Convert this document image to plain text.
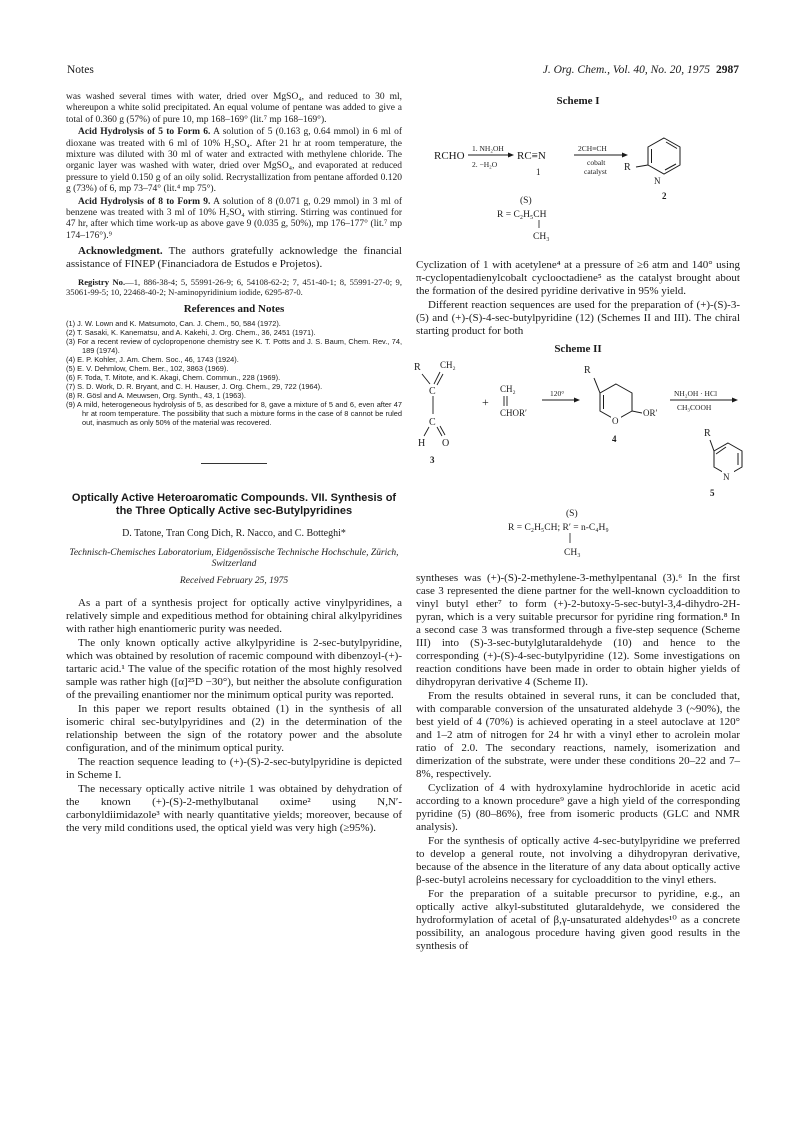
Notes	J. Org. Chem., Vol. 40, No. 20, 1975 2987

was washed several times with water, dried over MgSO₄, and reduced to 30 ml, whereupon a white solid precipitated. An equal volume of pentane was added to give a total of 0.360 g (57%) of pure 10, mp 168–169° (lit.⁷ mp 168–169°).

Acid Hydrolysis of 5 to Form 6. A solution of 5 (0.163 g, 0.64 mmol) in 6 ml of dioxane was treated with 6 ml of 10% H₂SO₄. After 21 hr at room temperature, the mixture was diluted with 30 ml of water and extracted with methylene chloride. The organic layer was washed with water, dried over MgSO₄, and evaporated at reduced pressure to yield 0.150 g of an oily solid. Recrystallization from pentane afforded 0.120 g (73%) of 6, mp 73–74° (lit.⁴ mp 75°).

Acid Hydrolysis of 8 to Form 9. A solution of 8 (0.071 g, 0.29 mmol) in 3 ml of benzene was treated with 3 ml of 10% H₂SO₄ with stirring. Stirring was continued for 47 hr, after which time work-up as above gave 9 (0.035 g, 50%), mp 176–177° (lit.⁷ mp 174–176°).⁹

Acknowledgment. The authors gratefully acknowledge the financial assistance of FINEP (Financiadora de Estudos e Projetos).

Registry No.—1, 886-38-4; 5, 55991-26-9; 6, 54108-62-2; 7, 451-40-1; 8, 55991-27-0; 9, 35061-99-5; 10, 22468-40-2; N-aminopyridinium iodide, 6295-87-0.

References and Notes

(1) J. W. Lown and K. Matsumoto, Can. J. Chem., 50, 584 (1972).

(2) T. Sasaki, K. Kanematsu, and A. Kakehi, J. Org. Chem., 36, 2451 (1971).

(3) For a recent review of cyclopropenone chemistry see K. T. Potts and J. S. Baum, Chem. Rev., 74, 189 (1974).

(4) E. P. Kohler, J. Am. Chem. Soc., 46, 1743 (1924).

(5) E. V. Dehmlow, Chem. Ber., 102, 3863 (1969).

(6) F. Toda, T. Mitote, and K. Akagi, Chem. Commun., 228 (1969).

(7) S. D. Work, D. R. Bryant, and C. H. Hauser, J. Org. Chem., 29, 722 (1964).

(8) R. Gösl and A. Meuwsen, Org. Synth., 43, 1 (1963).

(9) A mild, heterogeneous hydrolysis of 5, as described for 8, gave a mixture of 5 and 6, even after 47 hr at room temperature. The possibility that such a mixture forms in the case of 8 cannot be ruled out, inasmuch as only 50% of the material was recovered.

Optically Active Heteroaromatic Compounds. VII. Synthesis of the Three Optically Active sec-Butylpyridines
D. Tatone, Tran Cong Dich, R. Nacco, and C. Botteghi*
Technisch-Chemisches Laboratorium, Eidgenössische Technische Hochschule, Zürich, Switzerland
Received February 25, 1975

As a part of a synthesis project for optically active vinylpyridines, a relatively simple and expeditious method for obtaining chiral alkylpyridines with rather high enantiomeric purity was needed.

The only known optically active alkylpyridine is 2-sec-butylpyridine, which was obtained by resolution of racemic compound with dibenzoyl-(+)-tartaric acid.¹ The value of the specific rotation of the most highly resolved sample was rather high ([α]²⁵D −30°), but neither the absolute configuration of the prevailing enantiomer nor the minimum optical purity was reported.

In this paper we report results obtained (1) in the synthesis of all isomeric chiral sec-butylpyridines and (2) in the determination of the relationship between the sign of the rotatory power and the absolute configuration, and of the minimum optical purity.

The reaction sequence leading to (+)-(S)-2-sec-butylpyridine is depicted in Scheme I.

The necessary optically active nitrile 1 was obtained by dehydration of the known (+)-(S)-2-methylbutanal oxime² using N,N′-carbonyldiimidazole³ with nearly quantitative yields; moreover, because of the very mild conditions used, the optical yield was very high (≥95%).

Scheme I
RCHO
1. NH₂OH
2. −H₂O
RC≡N
1
2CH≡CH
cobalt
catalyst R
N
2
(S)
R = C₂H₅CH
CH₃

Cyclization of 1 with acetylene⁴ at a pressure of ≥6 atm and 140° using π-cyclopentadienylcobalt cyclooctadiene⁵ as the catalyst brought about the formation of the desired pyridine derivative in 95% yield.

Different reaction sequences are used for the preparation of (+)-(S)-3- (5) and (+)-(S)-4-sec-butylpyridine (12) (Schemes II and III). The chiral starting product for both

Scheme II
R CH₂
C
C
H O
3
+
CH₂
CHOR′
120°
R
O
OR′
4
NH₂OH · HCl
CH₃COOH
R
N
5
(S)
R = C₂H₅CH; R′ = n-C₄H₉
CH₃

syntheses was (+)-(S)-2-methylene-3-methylpentanal (3).⁶ In the first case 3 represented the diene partner for the well-known cycloaddition to vinyl butyl ether⁷ to form (+)-2-butoxy-5-sec-butyl-3,4-dihydro-2H-pyran, which is a very suitable precursor for pyridine ring formation.⁸ In a second case 3 was transformed through a five-step sequence (Scheme III) into (S)-3-sec-butylglutaraldehyde (10) and hence to the corresponding (+)-(S)-4-sec-butylpyridine (12). Some investigations on reaction conditions have been made in order to obtain higher yields of dihydropyran derivative 4 (Scheme II).

From the results obtained in several runs, it can be concluded that, with comparable conversion of the unsaturated aldehyde 3 (~90%), the best yield of 4 (70%) is achieved operating in a steel autoclave at 120° and 1–2 atm of nitrogen for 24 hr with a vinyl ether to acrolein molar ratio of 2.0. The secondary reactions, namely, isomerization and dimerization of the substrate, were under these conditions 20–22 and 7–8%, respectively.

Cyclization of 4 with hydroxylamine hydrochloride in acetic acid according to a known procedure⁹ gave a high yield of the corresponding pyridine (5) (80–86%), free from isomeric products (GLC and NMR analysis).

For the synthesis of optically active 4-sec-butylpyridine we preferred to develop a general route, not involving a dihydropyran derivative, because of the absence in the literature of any data about optically active β-sec-butyl acroleins necessary for cycloaddition to the vinyl ethers.

For the preparation of a suitable precursor to pyridine, e.g., an optically active alkyl-substituted glutaraldehyde, we considered the hydroformylation of acetal of β,γ-unsaturated aldehydes¹⁰ as a concrete possibility, an analogous procedure having given good results in the synthesis of
